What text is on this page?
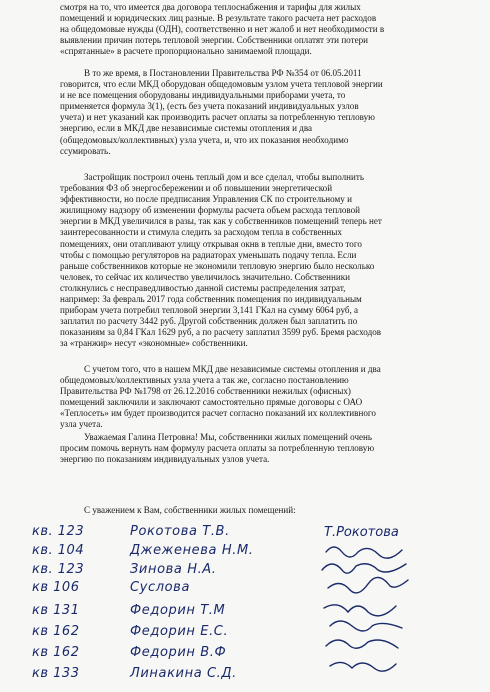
смотря на то, что имеется два договора теплоснабжения и тарифы для жилых
помещений и юридических лиц разные. В результате такого расчета нет расходов
на общедомовые нужды (ОДН), соответственно и нет жалоб и нет необходимости в
выявлении причин потерь тепловой энергии. Собственники оплатят эти потери
«спрятанные» в расчете пропорционально занимаемой площади.
В то же время, в Постановлении Правительства РФ №354 от 06.05.2011
говорится, что если МКД оборудован общедомовым узлом учета тепловой энергии
и не все помещения оборудованы индивидуальными приборами учета, то
применяется формула 3(1), (есть без учета показаний индивидуальных узлов
учета) и нет указаний как производить расчет оплаты за потребленную тепловую
энергию, если в МКД две независимые системы отопления и два
(общедомовых/коллективных) узла учета, и, что их показания необходимо
ссумировать.
Застройщик построил очень теплый дом и все сделал, чтобы выполнить
требования ФЗ об энергосбережении и об повышении энергетической
эффективности, но после предписания Управления СК по строительному и
жилищному надзору об изменении формулы расчета объем расхода тепловой
энергии в МКД увеличился в разы, так как у собственников помещений теперь нет
заинтересованности и стимула следить за расходом тепла в собственных
помещениях, они отапливают улицу открывая окнв в теплые дни, вместо того
чтобы с помощью регуляторов на радиаторах уменьшать подачу тепла. Если
раньше собственников которые не экономили тепловую энергию было несколько
человек, то сейчас их количество увеличилось значительно. Собственники
столкнулись с несправедливостью данной системы распределения затрат,
например: За февраль 2017 года собственник помещения по индивидуальным
приборам учета потребил тепловой энергии 3,141 ГКал на сумму 6064 руб, а
заплатил по расчету 3442 руб. Другой собственник должен был заплатить по
показаниям за 0,84 ГКал 1629 руб, а по расчету заплатил 3599 руб. Бремя расходов
за «транжир» несут «экономные» собственники.
С учетом того, что в нашем МКД две независимые системы отопления и два
общедомовых/коллективных узла учета а так же, согласно постановлению
Правительства РФ №1798 от 26.12.2016 собственники нежилых (офисных)
помещений заключили и заключают самостоятельно прямые договоры с ОАО
«Теплосеть» им будет производится расчет согласно показаний их коллективного
узла учета.
Уважаемая Галина Петровна! Мы, собственники жилых помещений очень
просим помочь вернуть нам формулу расчета оплаты за потребленную тепловую
энергию по показаниям индивидуальных узлов учета.
С уважением к Вам, собственники жилых помещений:
кв. 123	Рокотова Т.В.
кв. 104	Джеженева Н.М.
кв. 123	Зинова Н.А.
кв 106	Суслова
кв 131	Федорин Т.М
кв 162	Федорин Е.С.
кв 162	Федорин В.Ф
кв 133	Линакина С.Д.
Т.Рокотова
